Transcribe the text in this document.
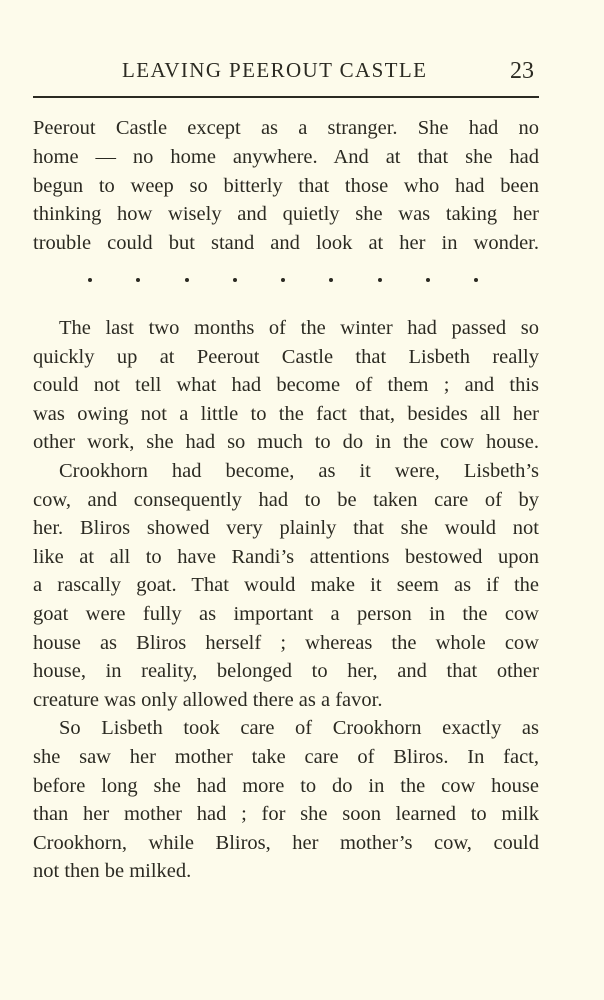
LEAVING PEEROUT CASTLE	23
Peerout Castle except as a stranger. She had no
home — no home anywhere. And at that she had
begun to weep so bitterly that those who had been
thinking how wisely and quietly she was taking her
trouble could but stand and look at her in wonder.
The last two months of the winter had passed so
quickly up at Peerout Castle that Lisbeth really
could not tell what had become of them ; and this
was owing not a little to the fact that, besides all her
other work, she had so much to do in the cow house.
Crookhorn had become, as it were, Lisbeth’s
cow, and consequently had to be taken care of by
her. Bliros showed very plainly that she would not
like at all to have Randi’s attentions bestowed upon
a rascally goat. That would make it seem as if the
goat were fully as important a person in the cow
house as Bliros herself ; whereas the whole cow
house, in reality, belonged to her, and that other
creature was only allowed there as a favor.
So Lisbeth took care of Crookhorn exactly as
she saw her mother take care of Bliros. In fact,
before long she had more to do in the cow house
than her mother had ; for she soon learned to milk
Crookhorn, while Bliros, her mother’s cow, could
not then be milked.
